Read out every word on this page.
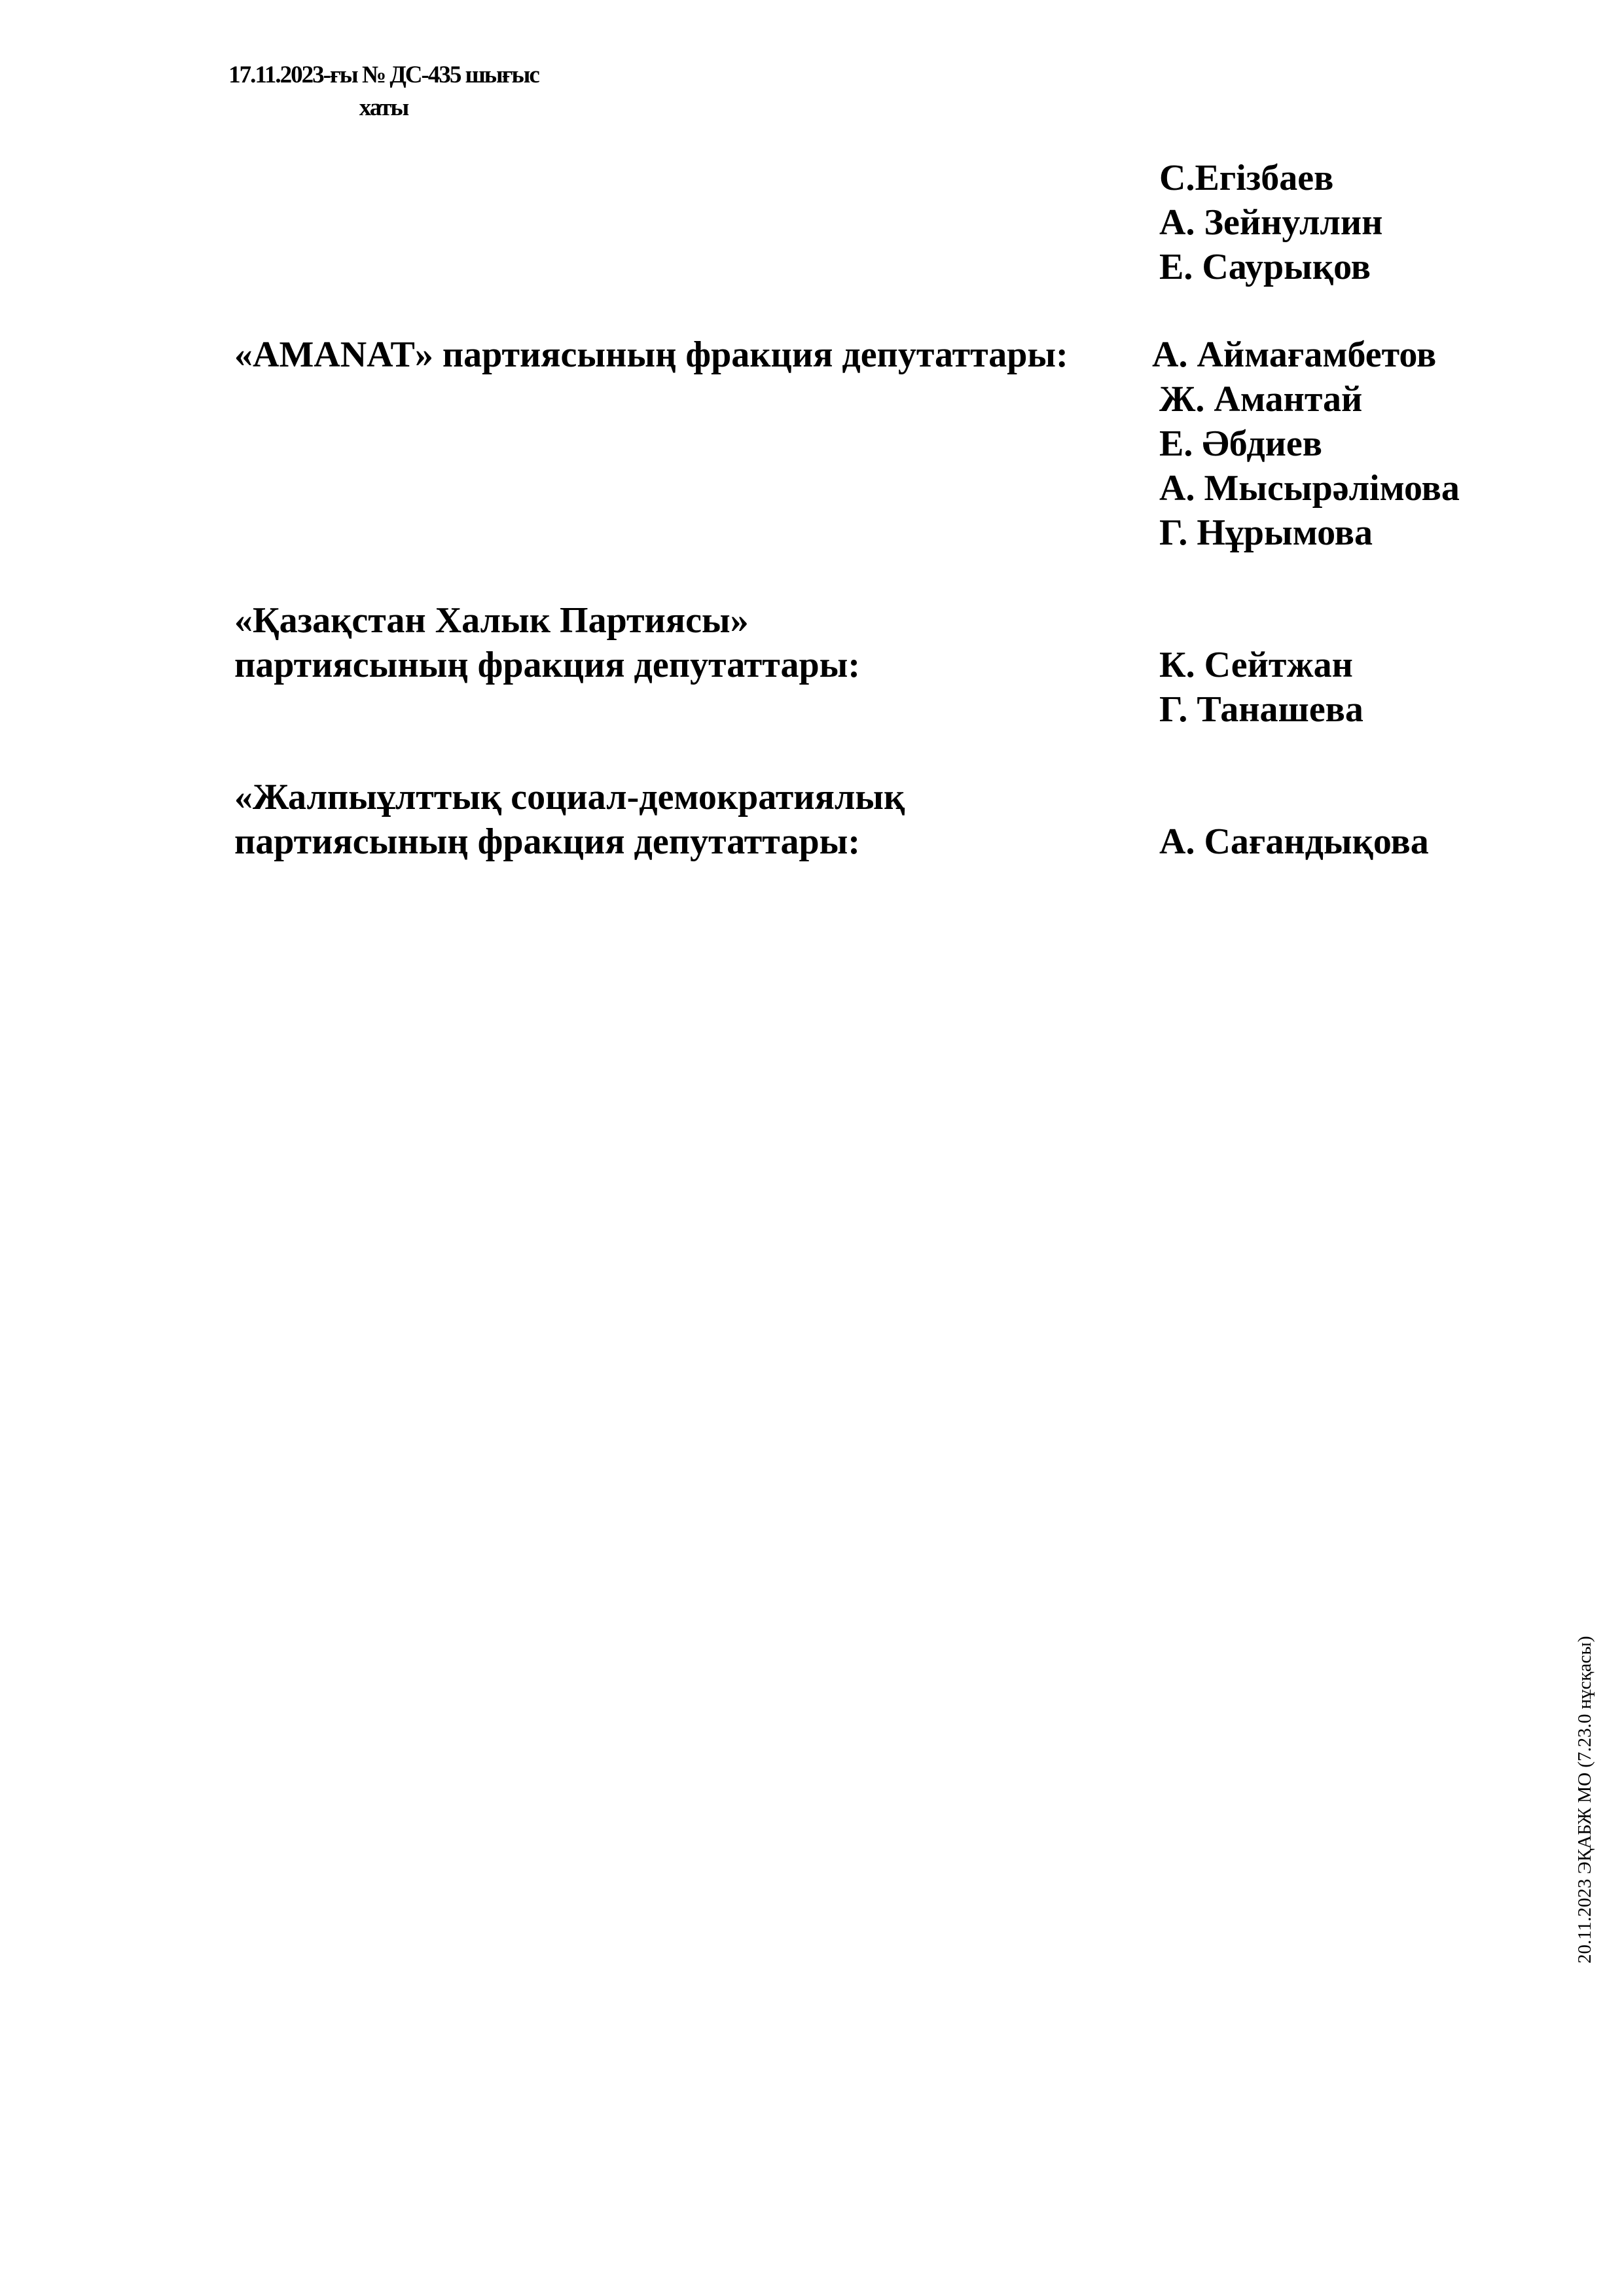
17.11.2023-ғы № ДС-435 шығыс
хаты
С.Егізбаев
А. Зейнуллин
Е. Саурықов
«AMANAT» партиясының фракция депутаттары: А. Аймағамбетов
Ж. Амантай
Е. Әбдиев
А. Мысырәлімова
Г. Нұрымова
«Қазақстан Халык Партиясы»
партиясының фракция депутаттары:	К. Сейтжан
Г. Танашева
«Жалпыұлттық социал-демократиялық
партиясының фракция депутаттары:	А. Сағандықова
20.11.2023 ЭҚАБЖ МО (7.23.0 нұсқасы)
